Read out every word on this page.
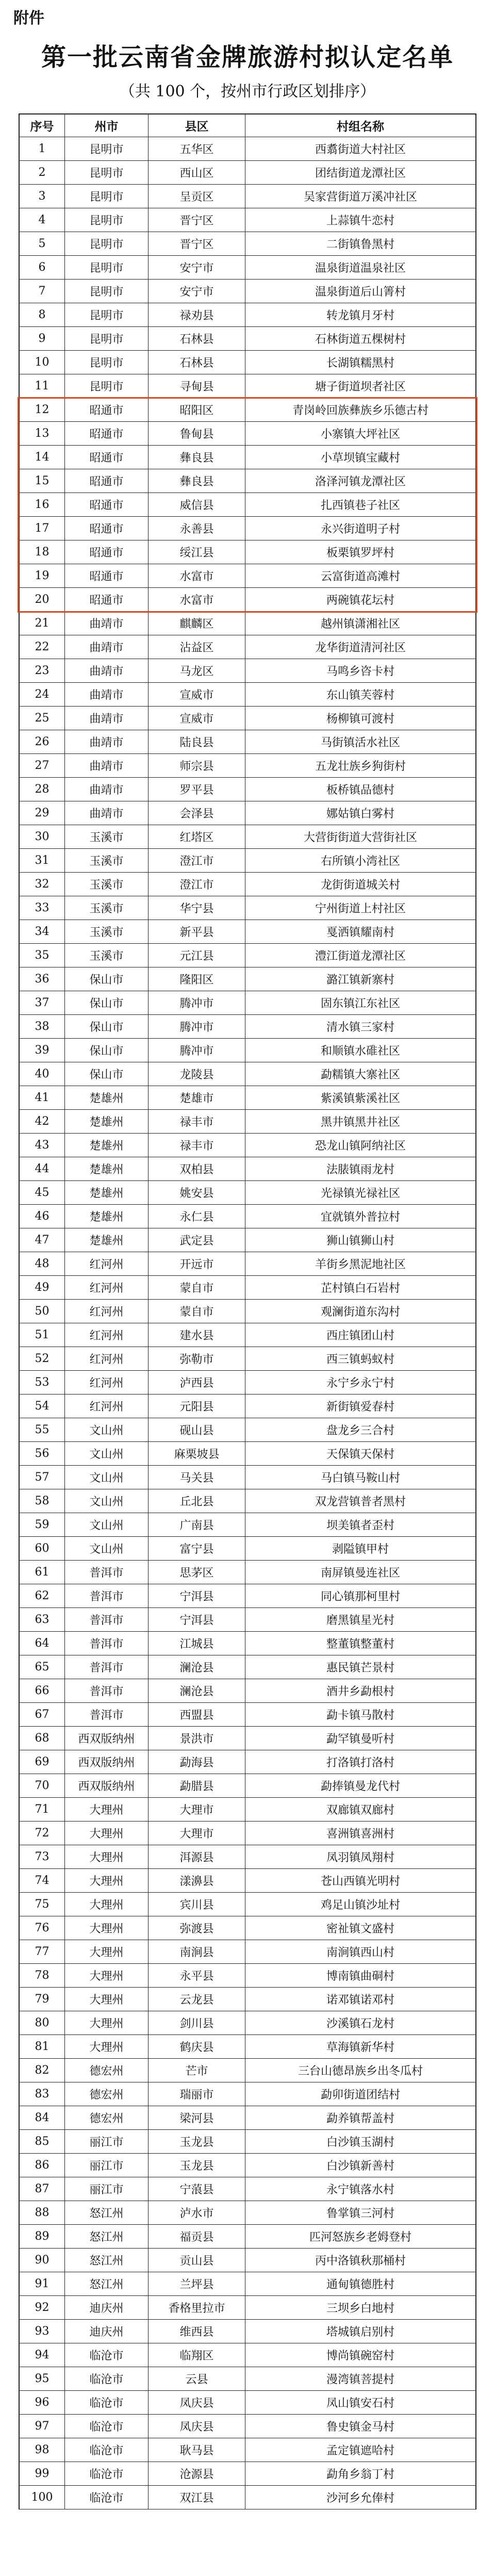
附件
第一批云南省金牌旅游村拟认定名单
（共 100 个，按州市行政区划排序）
序号	州市	县区	村组名称
1	昆明市	五华区	西翥街道大村社区
2	昆明市	西山区	团结街道龙潭社区
3	昆明市	呈贡区	吴家营街道万溪冲社区
4	昆明市	晋宁区	上蒜镇牛恋村
5	昆明市	晋宁区	二街镇鲁黑村
6	昆明市	安宁市	温泉街道温泉社区
7	昆明市	安宁市	温泉街道后山箐村
8	昆明市	禄劝县	转龙镇月牙村
9	昆明市	石林县	石林街道五棵树村
10	昆明市	石林县	长湖镇糯黑村
11	昆明市	寻甸县	塘子街道坝者社区
12	昭通市	昭阳区	青岗岭回族彝族乡乐德古村
13	昭通市	鲁甸县	小寨镇大坪社区
14	昭通市	彝良县	小草坝镇宝藏村
15	昭通市	彝良县	洛泽河镇龙潭社区
16	昭通市	威信县	扎西镇巷子社区
17	昭通市	永善县	永兴街道明子村
18	昭通市	绥江县	板栗镇罗坪村
19	昭通市	水富市	云富街道高滩村
20	昭通市	水富市	两碗镇花坛村
21	曲靖市	麒麟区	越州镇潇湘社区
22	曲靖市	沾益区	龙华街道清河社区
23	曲靖市	马龙区	马鸣乡咨卡村
24	曲靖市	宣威市	东山镇芙蓉村
25	曲靖市	宣威市	杨柳镇可渡村
26	曲靖市	陆良县	马街镇活水社区
27	曲靖市	师宗县	五龙壮族乡狗街村
28	曲靖市	罗平县	板桥镇品德村
29	曲靖市	会泽县	娜姑镇白雾村
30	玉溪市	红塔区	大营街街道大营街社区
31	玉溪市	澄江市	右所镇小湾社区
32	玉溪市	澄江市	龙街街道城关村
33	玉溪市	华宁县	宁州街道上村社区
34	玉溪市	新平县	戛洒镇耀南村
35	玉溪市	元江县	澧江街道龙潭社区
36	保山市	隆阳区	潞江镇新寨村
37	保山市	腾冲市	固东镇江东社区
38	保山市	腾冲市	清水镇三家村
39	保山市	腾冲市	和顺镇水碓社区
40	保山市	龙陵县	勐糯镇大寨社区
41	楚雄州	楚雄市	紫溪镇紫溪社区
42	楚雄州	禄丰市	黑井镇黑井社区
43	楚雄州	禄丰市	恐龙山镇阿纳社区
44	楚雄州	双柏县	法脿镇雨龙村
45	楚雄州	姚安县	光禄镇光禄社区
46	楚雄州	永仁县	宜就镇外普拉村
47	楚雄州	武定县	狮山镇狮山村
48	红河州	开远市	羊街乡黑泥地社区
49	红河州	蒙自市	芷村镇白石岩村
50	红河州	蒙自市	观澜街道东沟村
51	红河州	建水县	西庄镇团山村
52	红河州	弥勒市	西三镇蚂蚁村
53	红河州	泸西县	永宁乡永宁村
54	红河州	元阳县	新街镇爱春村
55	文山州	砚山县	盘龙乡三合村
56	文山州	麻栗坡县	天保镇天保村
57	文山州	马关县	马白镇马鞍山村
58	文山州	丘北县	双龙营镇普者黑村
59	文山州	广南县	坝美镇者歪村
60	文山州	富宁县	剥隘镇甲村
61	普洱市	思茅区	南屏镇曼连社区
62	普洱市	宁洱县	同心镇那柯里村
63	普洱市	宁洱县	磨黑镇星光村
64	普洱市	江城县	整董镇整董村
65	普洱市	澜沧县	惠民镇芒景村
66	普洱市	澜沧县	酒井乡勐根村
67	普洱市	西盟县	勐卡镇马散村
68	西双版纳州	景洪市	勐罕镇曼听村
69	西双版纳州	勐海县	打洛镇打洛村
70	西双版纳州	勐腊县	勐捧镇曼龙代村
71	大理州	大理市	双廊镇双廊村
72	大理州	大理市	喜洲镇喜洲村
73	大理州	洱源县	凤羽镇凤翔村
74	大理州	漾濞县	苍山西镇光明村
75	大理州	宾川县	鸡足山镇沙址村
76	大理州	弥渡县	密祉镇文盛村
77	大理州	南涧县	南涧镇西山村
78	大理州	永平县	博南镇曲硐村
79	大理州	云龙县	诺邓镇诺邓村
80	大理州	剑川县	沙溪镇石龙村
81	大理州	鹤庆县	草海镇新华村
82	德宏州	芒市	三台山德昂族乡出冬瓜村
83	德宏州	瑞丽市	勐卯街道团结村
84	德宏州	梁河县	勐养镇帮盖村
85	丽江市	玉龙县	白沙镇玉湖村
86	丽江市	玉龙县	白沙镇新善村
87	丽江市	宁蒗县	永宁镇落水村
88	怒江州	泸水市	鲁掌镇三河村
89	怒江州	福贡县	匹河怒族乡老姆登村
90	怒江州	贡山县	丙中洛镇秋那桶村
91	怒江州	兰坪县	通甸镇德胜村
92	迪庆州	香格里拉市	三坝乡白地村
93	迪庆州	维西县	塔城镇启别村
94	临沧市	临翔区	博尚镇碗窑村
95	临沧市	云县	漫湾镇菩提村
96	临沧市	凤庆县	凤山镇安石村
97	临沧市	凤庆县	鲁史镇金马村
98	临沧市	耿马县	孟定镇遮哈村
99	临沧市	沧源县	勐角乡翁丁村
100	临沧市	双江县	沙河乡允俸村
